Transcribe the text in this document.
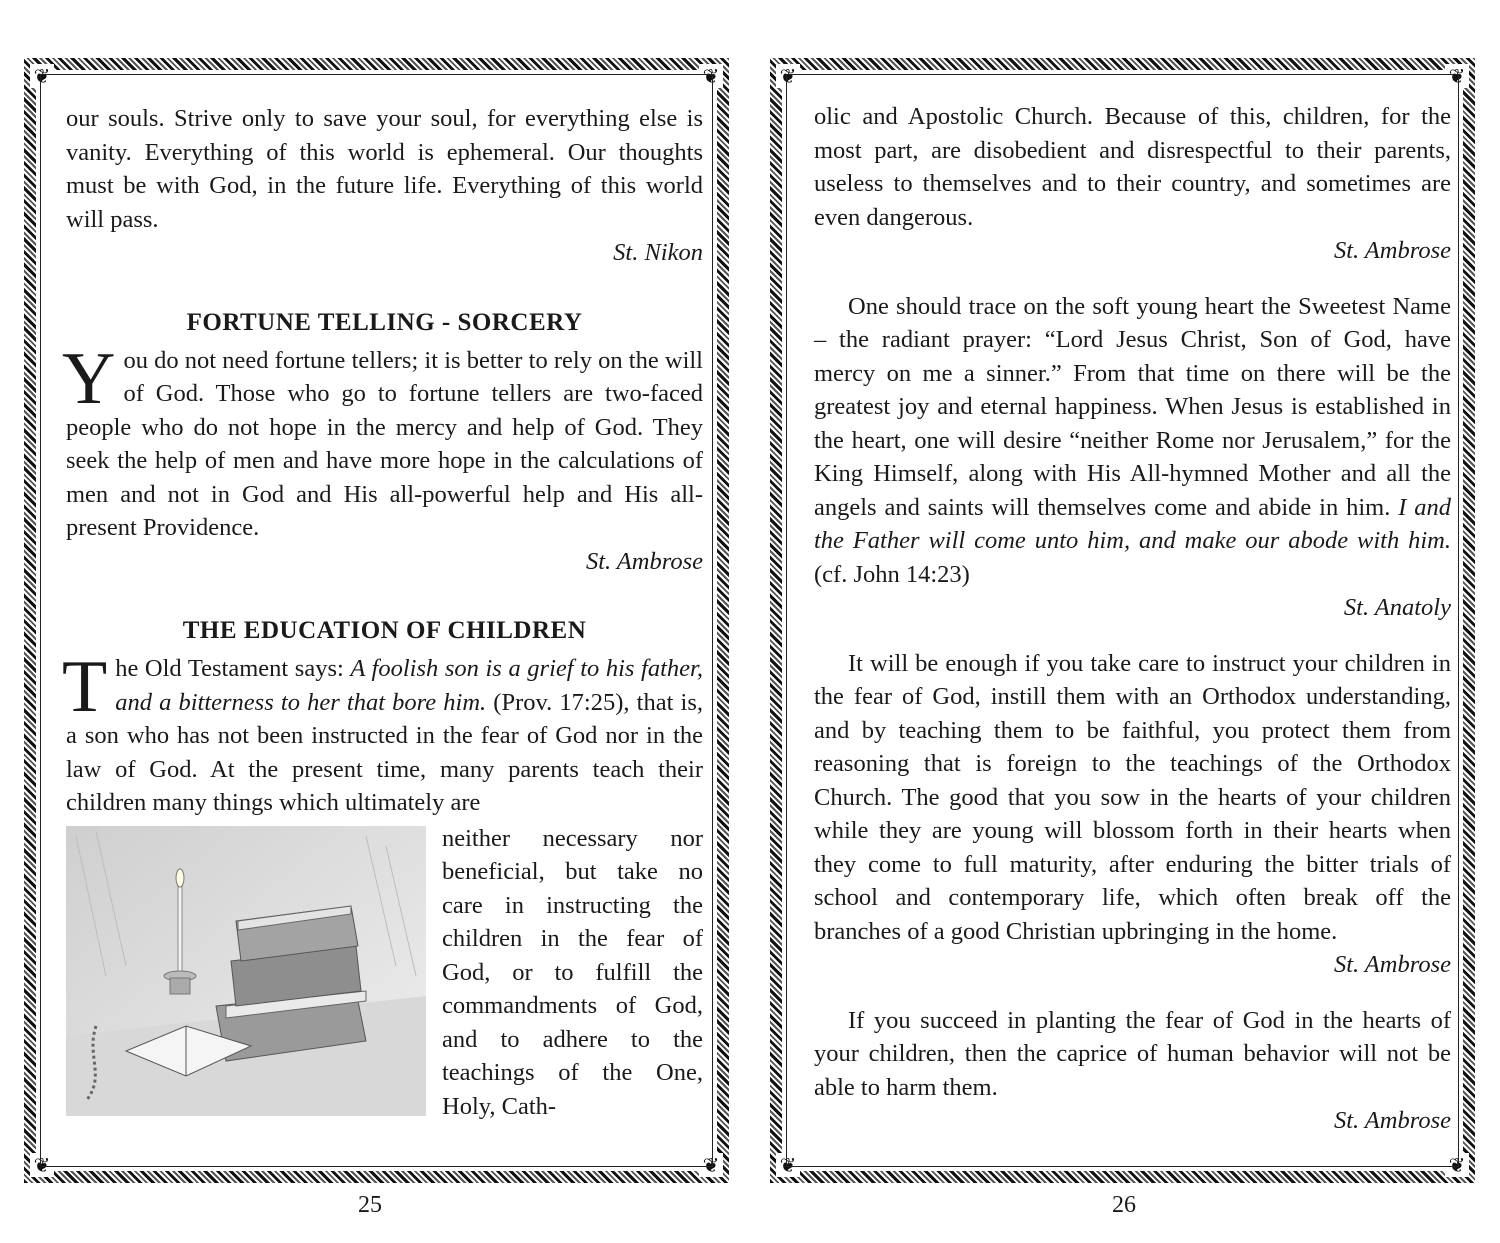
❦	❦
❦	❦

our souls. Strive only to save your soul, for everything else is vanity. Everything of this world is ephemeral. Our thoughts must be with God, in the future life. Everything of this world will pass.

St. Nikon

FORTUNE TELLING - SORCERY

You do not need fortune tellers; it is better to rely on the will of God. Those who go to fortune tellers are two-faced people who do not hope in the mercy and help of God. They seek the help of men and have more hope in the calculations of men and not in God and His all-powerful help and His all-present Providence.

St. Ambrose

THE EDUCATION OF CHILDREN

The Old Testament says: A foolish son is a grief to his father, and a bitterness to her that bore him. (Prov. 17:25), that is, a son who has not been instructed in the fear of God nor in the law of God. At the present time, many parents teach their children many things which ultimately are

neither necessary nor beneficial, but take no care in instructing the children in the fear of God, or to fulfill the commandments of God, and to adhere to the teachings of the One, Holy, Cath-

25
❦	❦
❦	❦

olic and Apostolic Church. Because of this, children, for the most part, are disobedient and disrespectful to their parents, useless to themselves and to their country, and sometimes are even dangerous.

St. Ambrose

One should trace on the soft young heart the Sweetest Name – the radiant prayer: “Lord Jesus Christ, Son of God, have mercy on me a sinner.” From that time on there will be the greatest joy and eternal happiness. When Jesus is established in the heart, one will desire “neither Rome nor Jerusalem,” for the King Himself, along with His All-hymned Mother and all the angels and saints will themselves come and abide in him. I and the Father will come unto him, and make our abode with him. (cf. John 14:23)

St. Anatoly

It will be enough if you take care to instruct your children in the fear of God, instill them with an Orthodox understanding, and by teaching them to be faithful, you protect them from reasoning that is foreign to the teachings of the Orthodox Church. The good that you sow in the hearts of your children while they are young will blossom forth in their hearts when they come to full maturity, after enduring the bitter trials of school and contemporary life, which often break off the branches of a good Christian upbringing in the home.

St. Ambrose

If you succeed in planting the fear of God in the hearts of your children, then the caprice of human behavior will not be able to harm them.

St. Ambrose

26
